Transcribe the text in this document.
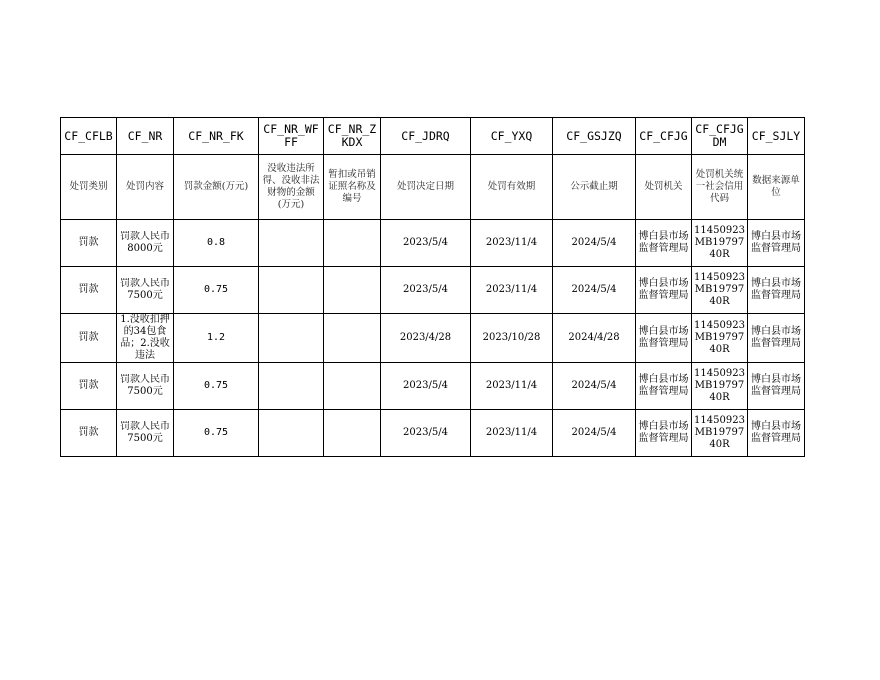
CF_CFLB	CF_NR	CF_NR_FK	CF_NR_WFFF	CF_NR_ZKDX	CF_JDRQ	CF_YXQ	CF_GSJZQ	CF_CFJG	CF_CFJGDM	CF_SJLY
处罚类别	处罚内容	罚款金额(万元)	没收违法所得、没收非法财物的金额(万元)	暂扣或吊销证照名称及编号	处罚决定日期	处罚有效期	公示截止期	处罚机关	处罚机关统一社会信用代码	数据来源单位
罚款	罚款人民币8000元	0.8			2023/5/4	2023/11/4	2024/5/4	博白县市场监督管理局	11450923MB1979740R	博白县市场监督管理局
罚款	罚款人民币7500元	0.75			2023/5/4	2023/11/4	2024/5/4	博白县市场监督管理局	11450923MB1979740R	博白县市场监督管理局
罚款	1.没收扣押的34包食品；2.没收违法	1.2			2023/4/28	2023/10/28	2024/4/28	博白县市场监督管理局	11450923MB1979740R	博白县市场监督管理局
罚款	罚款人民币7500元	0.75			2023/5/4	2023/11/4	2024/5/4	博白县市场监督管理局	11450923MB1979740R	博白县市场监督管理局
罚款	罚款人民币7500元	0.75			2023/5/4	2023/11/4	2024/5/4	博白县市场监督管理局	11450923MB1979740R	博白县市场监督管理局
